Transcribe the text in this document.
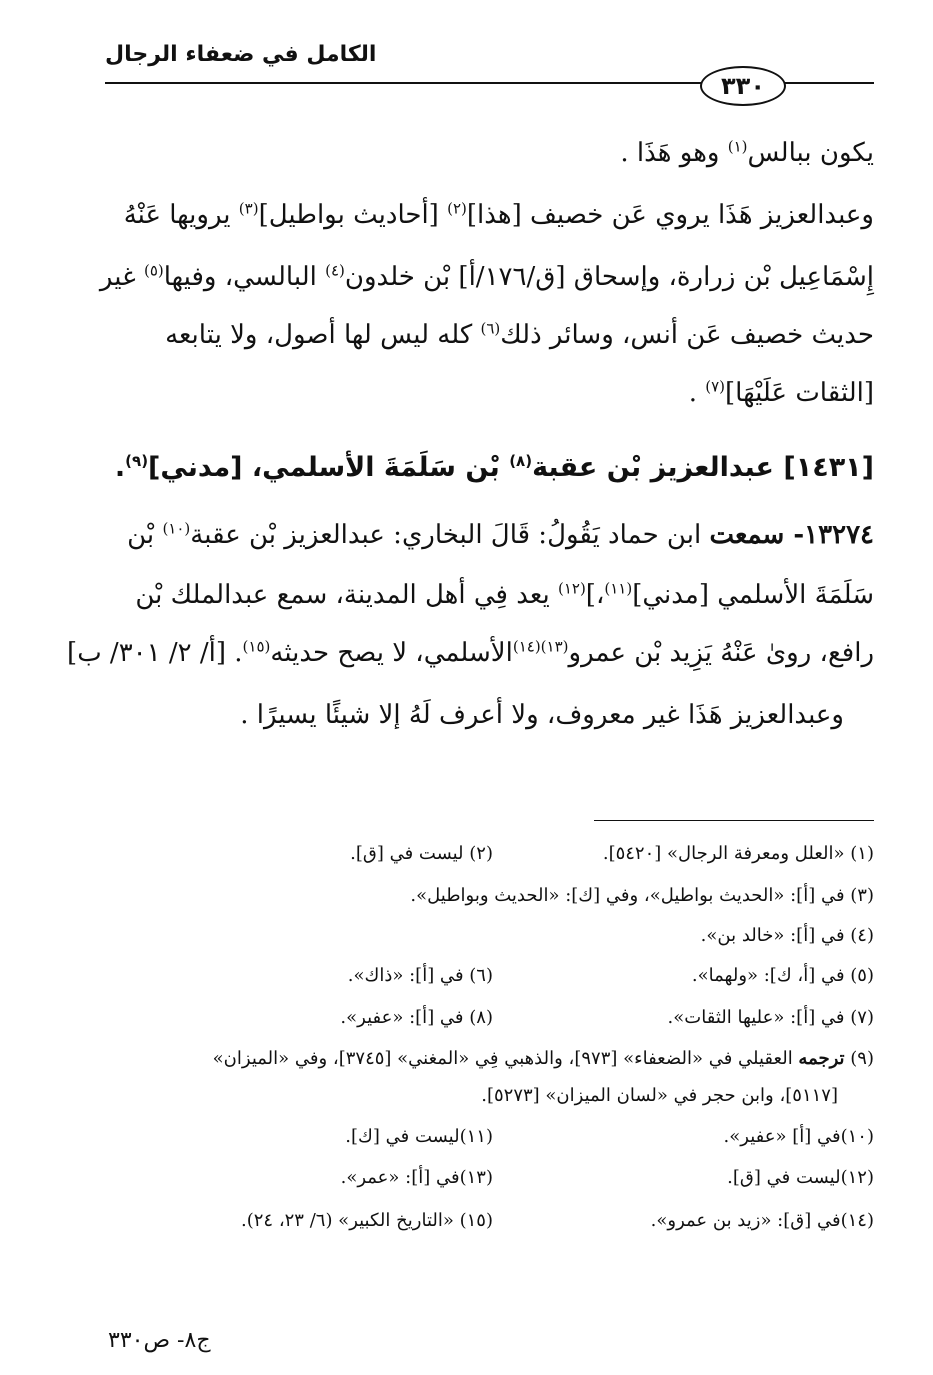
الكامل في ضعفاء الرجال
٣٣٠
يكون ببالس$^{(١)}$ وهو هَذَا .
وعبدالعزيز هَذَا يروي عَن خصيف [هذا]$^{(٢)}$ [أحاديث بواطيل]$^{(٣)}$ يرويها عَنْهُ
إِسْمَاعِيل بْن زرارة، وإسحاق [ق/١٧٦/أ] بْن خلدون$^{(٤)}$ البالسي، وفيها$^{(٥)}$ غير
حديث خصيف عَن أنس، وسائر ذلك$^{(٦)}$ كله ليس لها أصول، ولا يتابعه
[الثقات عَلَيْهَا]$^{(٧)}$ .
[١٤٣١] عبدالعزيز بْن عقبة$^{(٨)}$ بْن سَلَمَةَ الأسلمي، [مدني]$^{(٩)}$.
١٣٢٧٤- سمعت ابن حماد يَقُولُ: قَالَ البخاري: عبدالعزيز بْن عقبة$^{(١٠)}$ بْن
سَلَمَةَ الأسلمي [مدني]$^{(١١)}$،]$^{(١٢)}$ يعد فِي أهل المدينة، سمع عبدالملك بْن
رافع، روىٰ عَنْهُ يَزِيد بْن عمرو$^{(١٣)(١٤)}$الأسلمي، لا يصح حديثه$^{(١٥)}$. [أ/ ٢/ ٣٠١/ ب]
وعبدالعزيز هَذَا غير معروف، ولا أعرف لَهُ إلا شيئًا يسيرًا .
(١) «العلل ومعرفة الرجال» [٥٤٢٠].
(٢) ليست في [ق].
(٣) في [أ]: «الحديث بواطيل»، وفي [ك]: «الحديث وبواطيل».
(٤) في [أ]: «خالد بن».
(٥) في [أ، ك]: «ولهما».
(٦) في [أ]: «ذاك».
(٧) في [أ]: «عليها الثقات».
(٨) في [أ]: «عفير».
(٩) ترجمه العقيلي في «الضعفاء» [٩٧٣]، والذهبي فِي «المغني» [٣٧٤٥]، وفي «الميزان»
[٥١١٧]، وابن حجر في «لسان الميزان» [٥٢٧٣].
(١٠)في [أ] «عفير».
(١١)ليست في [ك].
(١٢)ليست في [ق].
(١٣)في [أ]: «عمر».
(١٤)في [ق]: «زيد بن عمرو».
(١٥) «التاريخ الكبير» (٦/ ٢٣، ٢٤).
ج٨- ص٣٣٠
